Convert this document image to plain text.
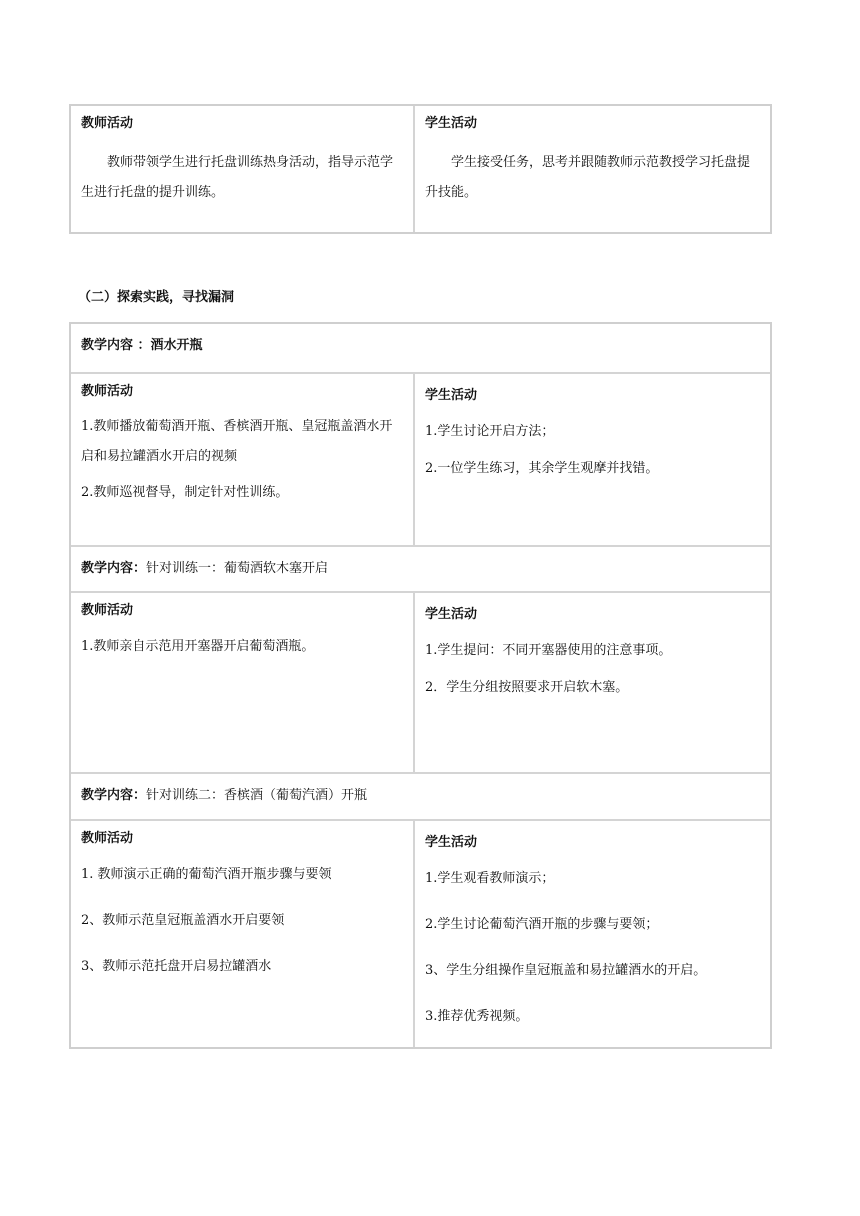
教师活动
教师带领学生进行托盘训练热身活动，指导示范学生进行托盘的提升训练。
学生活动
学生接受任务，思考并跟随教师示范教授学习托盘提升技能。
（二）探索实践，寻找漏洞
教学内容 ：酒水开瓶
教师活动
1.教师播放葡萄酒开瓶、香槟酒开瓶、皇冠瓶盖酒水开启和易拉罐酒水开启的视频
2.教师巡视督导，制定针对性训练。
学生活动
1.学生讨论开启方法；
2.一位学生练习，其余学生观摩并找错。
教学内容：针对训练一：葡萄酒软木塞开启
教师活动
1.教师亲自示范用开塞器开启葡萄酒瓶。
学生活动
1.学生提问：不同开塞器使用的注意事项。
2．学生分组按照要求开启软木塞。
教学内容：针对训练二：香槟酒（葡萄汽酒）开瓶
教师活动
1. 教师演示正确的葡萄汽酒开瓶步骤与要领
2、教师示范皇冠瓶盖酒水开启要领
3、教师示范托盘开启易拉罐酒水
学生活动
1.学生观看教师演示；
2.学生讨论葡萄汽酒开瓶的步骤与要领；
3、学生分组操作皇冠瓶盖和易拉罐酒水的开启。
3.推荐优秀视频。
